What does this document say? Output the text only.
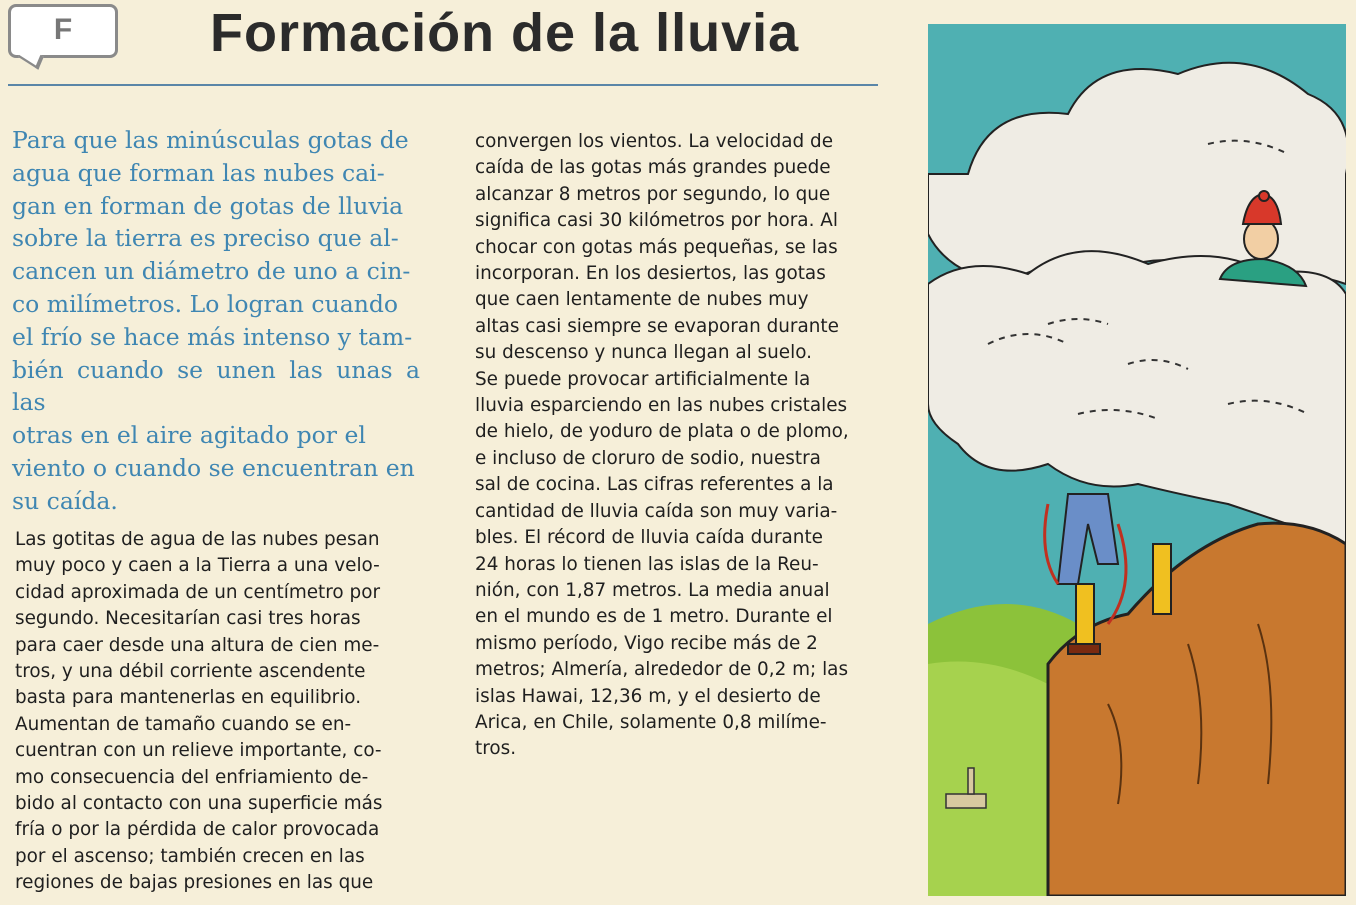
F	Formación de la lluvia

Para que las minúsculas gotas de
agua que forman las nubes cai-
gan en forman de gotas de lluvia
sobre la tierra es preciso que al-
cancen un diámetro de uno a cin-
co milímetros. Lo logran cuando
el frío se hace más intenso y tam-
bién cuando se unen las unas a las
otras en el aire agitado por el
viento o cuando se encuentran en
su caída.

Las gotitas de agua de las nubes pesan
muy poco y caen a la Tierra a una velo-
cidad aproximada de un centímetro por
segundo. Necesitarían casi tres horas
para caer desde una altura de cien me-
tros, y una débil corriente ascendente
basta para mantenerlas en equilibrio.
Aumentan de tamaño cuando se en-
cuentran con un relieve importante, co-
mo consecuencia del enfriamiento de-
bido al contacto con una superficie más
fría o por la pérdida de calor provocada
por el ascenso; también crecen en las
regiones de bajas presiones en las que

convergen los vientos. La velocidad de
caída de las gotas más grandes puede
alcanzar 8 metros por segundo, lo que
significa casi 30 kilómetros por hora. Al
chocar con gotas más pequeñas, se las
incorporan. En los desiertos, las gotas
que caen lentamente de nubes muy
altas casi siempre se evaporan durante
su descenso y nunca llegan al suelo.
Se puede provocar artificialmente la
lluvia esparciendo en las nubes cristales
de hielo, de yoduro de plata o de plomo,
e incluso de cloruro de sodio, nuestra
sal de cocina. Las cifras referentes a la
cantidad de lluvia caída son muy varia-
bles. El récord de lluvia caída durante
24 horas lo tienen las islas de la Reu-
nión, con 1,87 metros. La media anual
en el mundo es de 1 metro. Durante el
mismo período, Vigo recibe más de 2
metros; Almería, alrededor de 0,2 m; las
islas Hawai, 12,36 m, y el desierto de
Arica, en Chile, solamente 0,8 milíme-
tros.
